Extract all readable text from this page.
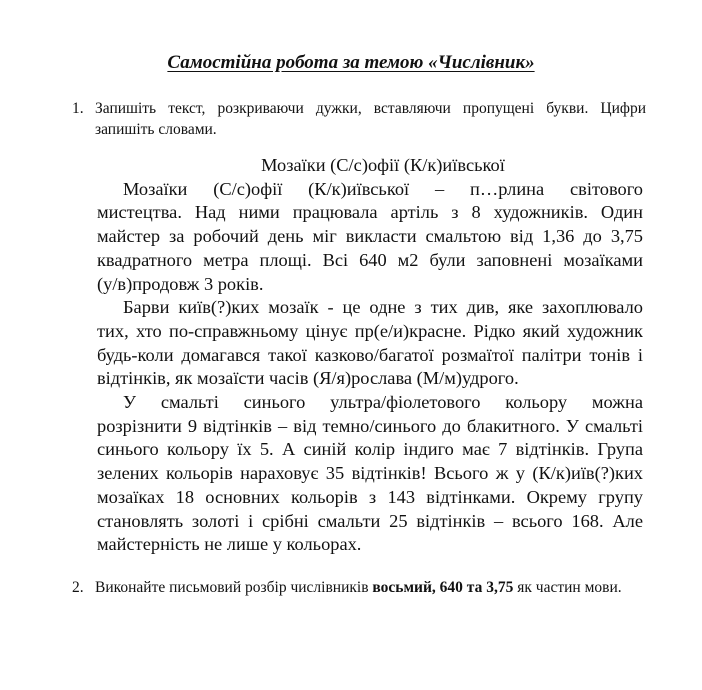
Самостійна робота за темою «Числівник»
1. Запишіть текст, розкриваючи дужки, вставляючи пропущені букви. Цифри запишіть словами.
Мозаїки (С/с)офії (К/к)иївської
Мозаїки (С/с)офії (К/к)иївської – п…рлина світового
мистецтва. Над ними працювала артіль з 8 художників. Один
майстер за робочий день міг викласти смальтою від 1,36 до 3,75
квадратного метра площі. Всі 640 м2 були заповнені мозаїками
(у/в)продовж 3 років.
Барви київ(?)ких мозаїк - це одне з тих див, яке захоплювало
тих, хто по-справжньому цінує пр(е/и)красне. Рідко який художник
будь-коли домагався такої казково/багатої розмаїтої палітри тонів і
відтінків, як мозаїсти часів (Я/я)рослава (М/м)удрого.
У смальті синього ультра/фіолетового кольору можна
розрізнити 9 відтінків – від темно/синього до блакитного. У смальті
синього кольору їх 5. А синій колір індиго має 7 відтінків. Група
зелених кольорів нараховує 35 відтінків! Всього ж у (К/к)иїв(?)ких
мозаїках 18 основних кольорів з 143 відтінками. Окрему групу
становлять золоті і срібні смальти 25 відтінків – всього 168. Але
майстерність не лише у кольорах.
2. Виконайте письмовий розбір числівників восьмий, 640 та 3,75 як частин мови.
